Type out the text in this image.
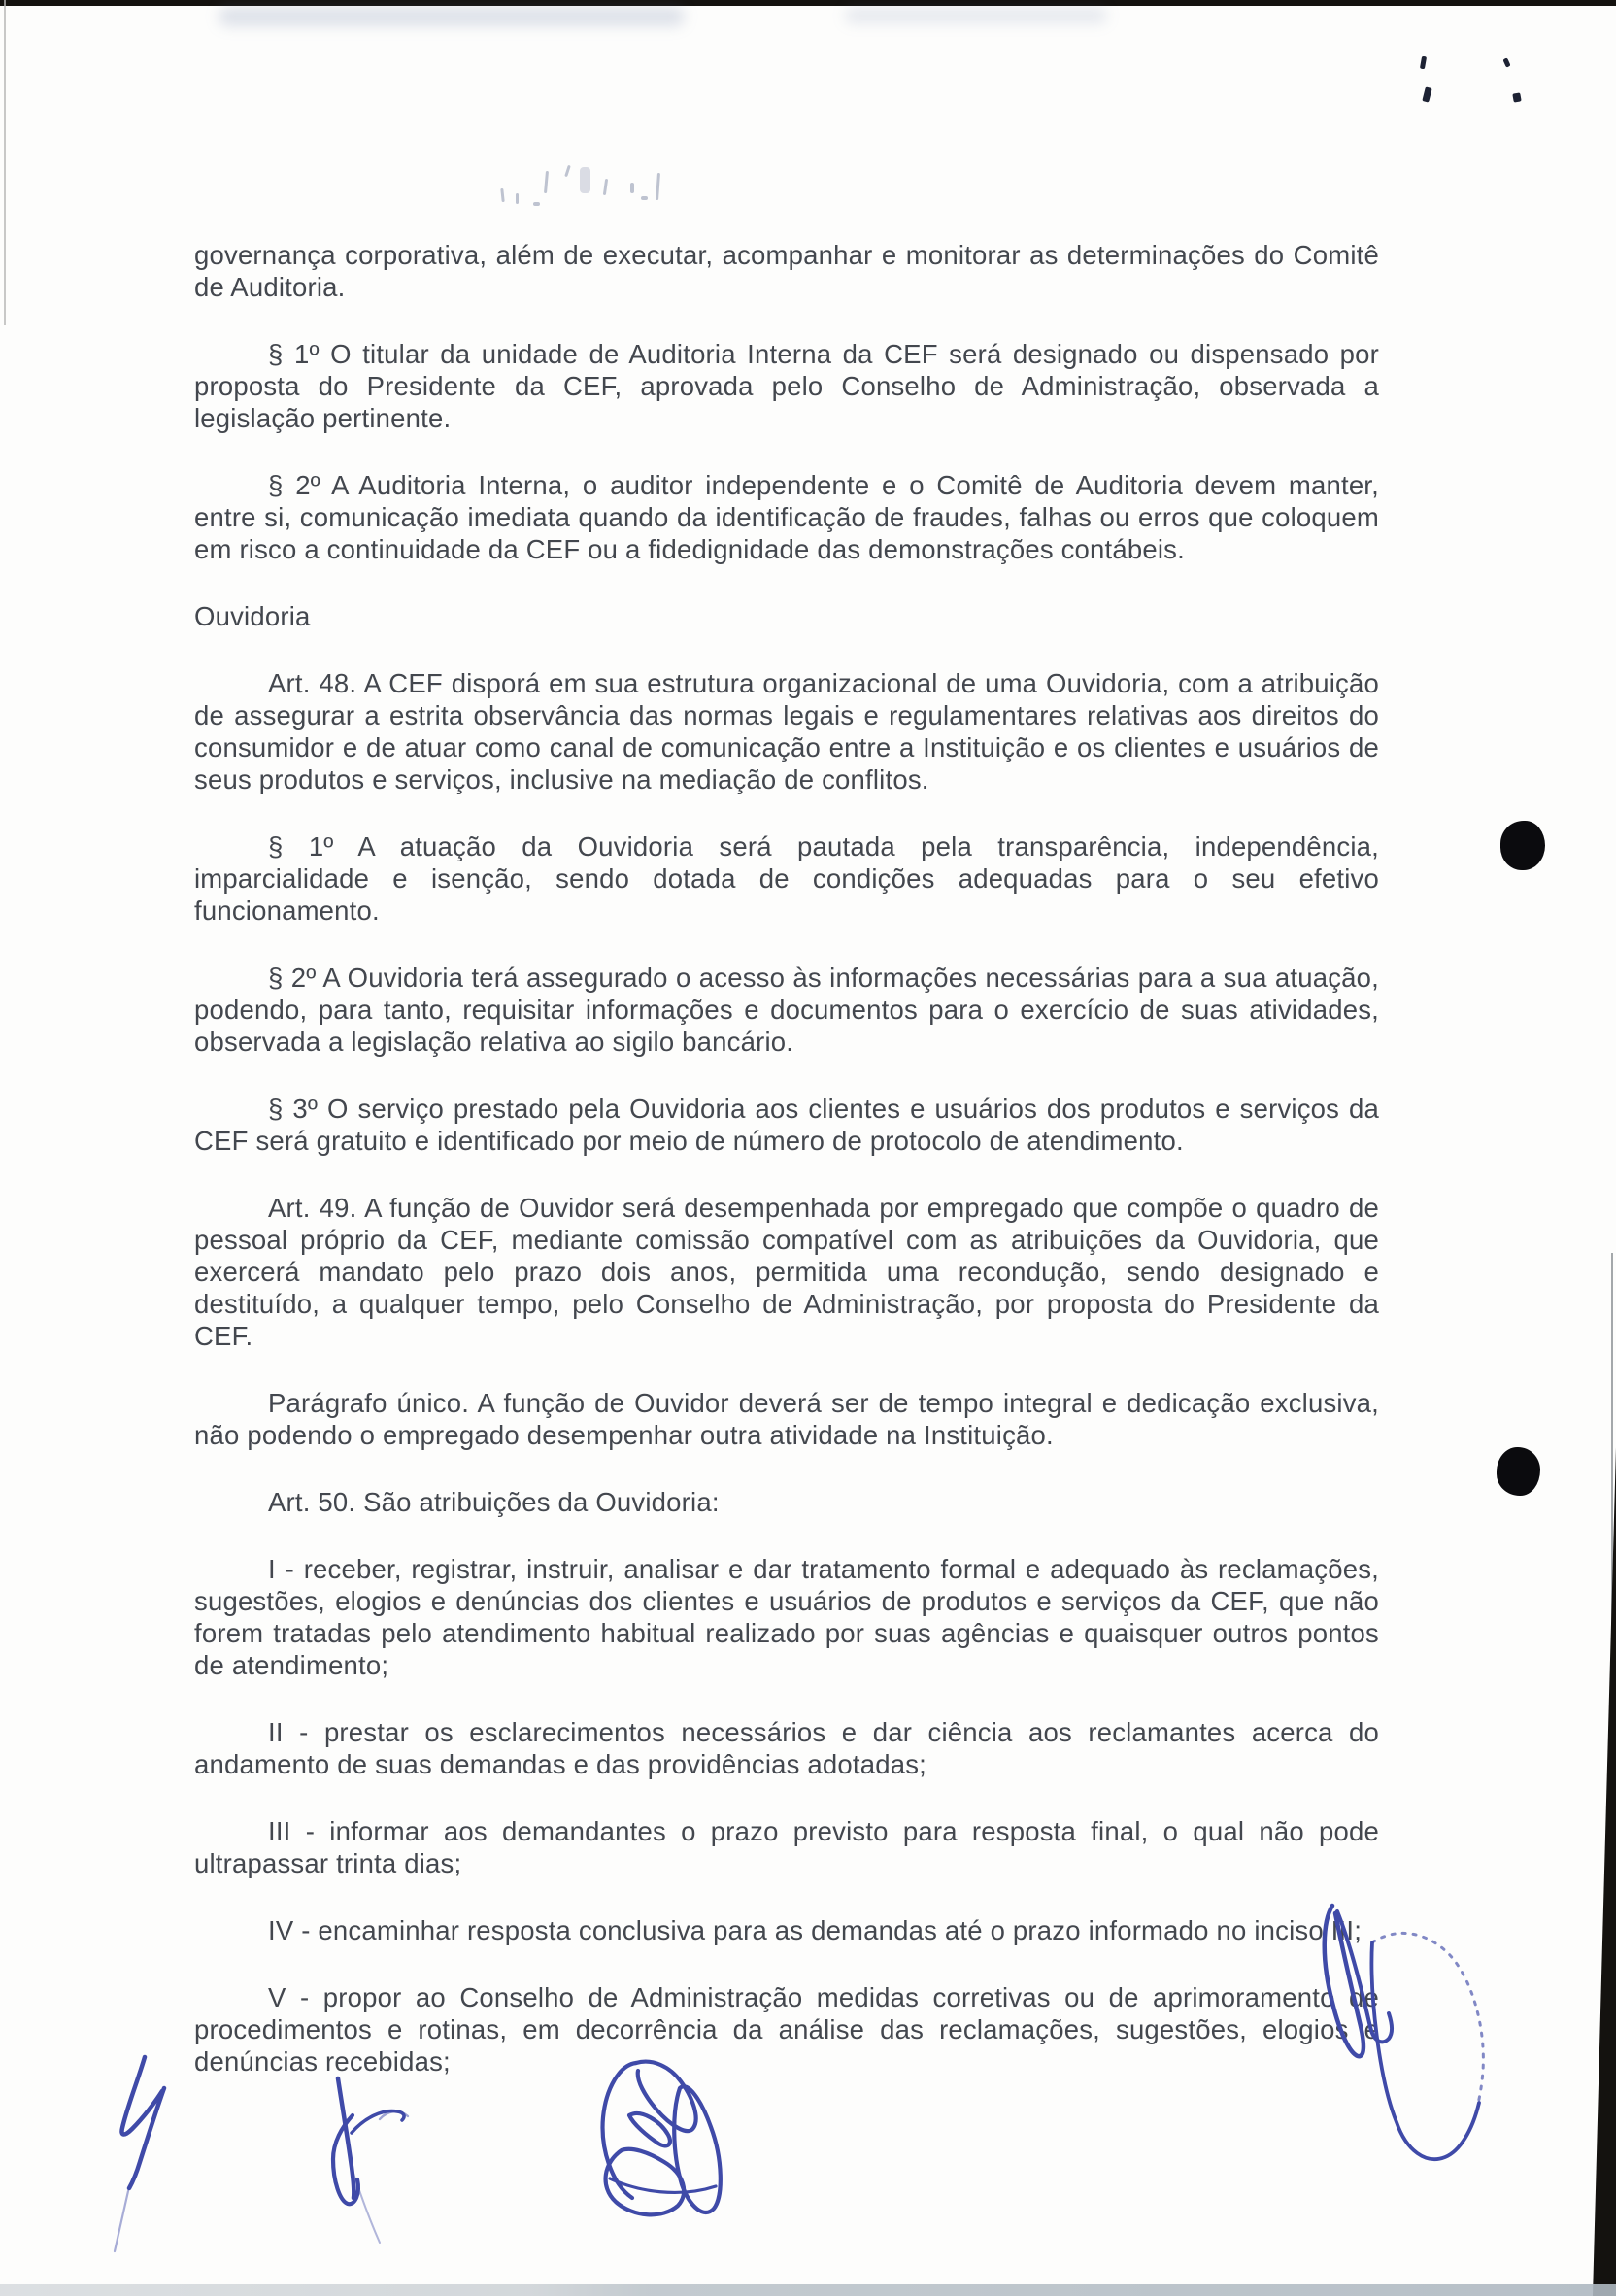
governança corporativa, além de executar, acompanhar e monitorar as determinações do Comitê de Auditoria.

§ 1º O titular da unidade de Auditoria Interna da CEF será designado ou dispensado por proposta do Presidente da CEF, aprovada pelo Conselho de Administração, observada a legislação pertinente.

§ 2º A Auditoria Interna, o auditor independente e o Comitê de Auditoria devem manter, entre si, comunicação imediata quando da identificação de fraudes, falhas ou erros que coloquem em risco a continuidade da CEF ou a fidedignidade das demonstrações contábeis.

Ouvidoria

Art. 48. A CEF disporá em sua estrutura organizacional de uma Ouvidoria, com a atribuição de assegurar a estrita observância das normas legais e regulamentares relativas aos direitos do consumidor e de atuar como canal de comunicação entre a Instituição e os clientes e usuários de seus produtos e serviços, inclusive na mediação de conflitos.

§ 1º A atuação da Ouvidoria será pautada pela transparência, independência, imparcialidade e isenção, sendo dotada de condições adequadas para o seu efetivo funcionamento.

§ 2º A Ouvidoria terá assegurado o acesso às informações necessárias para a sua atuação, podendo, para tanto, requisitar informações e documentos para o exercício de suas atividades, observada a legislação relativa ao sigilo bancário.

§ 3º O serviço prestado pela Ouvidoria aos clientes e usuários dos produtos e serviços da CEF será gratuito e identificado por meio de número de protocolo de atendimento.

Art. 49. A função de Ouvidor será desempenhada por empregado que compõe o quadro de pessoal próprio da CEF, mediante comissão compatível com as atribuições da Ouvidoria, que exercerá mandato pelo prazo dois anos, permitida uma recondução, sendo designado e destituído, a qualquer tempo, pelo Conselho de Administração, por proposta do Presidente da CEF.

Parágrafo único. A função de Ouvidor deverá ser de tempo integral e dedicação exclusiva, não podendo o empregado desempenhar outra atividade na Instituição.

Art. 50. São atribuições da Ouvidoria:

I - receber, registrar, instruir, analisar e dar tratamento formal e adequado às reclamações, sugestões, elogios e denúncias dos clientes e usuários de produtos e serviços da CEF, que não forem tratadas pelo atendimento habitual realizado por suas agências e quaisquer outros pontos de atendimento;

II - prestar os esclarecimentos necessários e dar ciência aos reclamantes acerca do andamento de suas demandas e das providências adotadas;

III - informar aos demandantes o prazo previsto para resposta final, o qual não pode ultrapassar trinta dias;

IV - encaminhar resposta conclusiva para as demandas até o prazo informado no inciso III;

V - propor ao Conselho de Administração medidas corretivas ou de aprimoramento de procedimentos e rotinas, em decorrência da análise das reclamações, sugestões, elogios e denúncias recebidas;
